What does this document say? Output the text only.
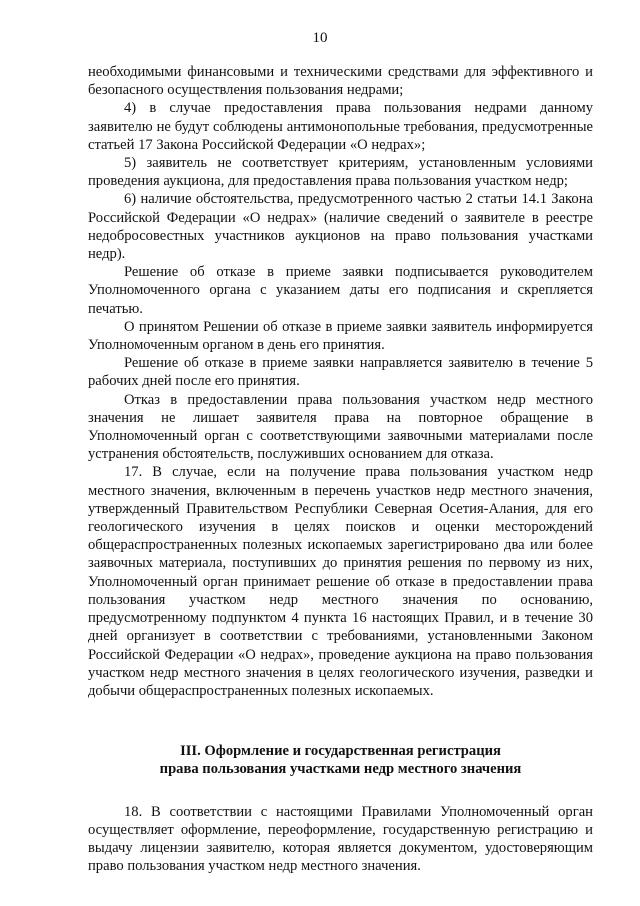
10

необходимыми финансовыми и техническими средствами для эффективного и безопасного осуществления пользования недрами;

4) в случае предоставления права пользования недрами данному заявителю не будут соблюдены антимонопольные требования, предусмотренные статьей 17 Закона Российской Федерации «О недрах»;

5) заявитель не соответствует критериям, установленным условиями проведения аукциона, для предоставления права пользования участком недр;

6) наличие обстоятельства, предусмотренного частью 2 статьи 14.1 Закона Российской Федерации «О недрах» (наличие сведений о заявителе в реестре недобросовестных участников аукционов на право пользования участками недр).

Решение об отказе в приеме заявки подписывается руководителем Уполномоченного органа с указанием даты его подписания и скрепляется печатью.

О принятом Решении об отказе в приеме заявки заявитель информируется Уполномоченным органом в день его принятия.

Решение об отказе в приеме заявки направляется заявителю в течение 5 рабочих дней после его принятия.

Отказ в предоставлении права пользования участком недр местного значения не лишает заявителя права на повторное обращение в Уполномоченный орган с соответствующими заявочными материалами после устранения обстоятельств, послуживших основанием для отказа.

17. В случае, если на получение права пользования участком недр местного значения, включенным в перечень участков недр местного значения, утвержденный Правительством Республики Северная Осетия-Алания, для его геологического изучения в целях поисков и оценки месторождений общераспространенных полезных ископаемых зарегистрировано два или более заявочных материала, поступивших до принятия решения по первому из них, Уполномоченный орган принимает решение об отказе в предоставлении права пользования участком недр местного значения по основанию, предусмотренному подпунктом 4 пункта 16 настоящих Правил, и в течение 30 дней организует в соответствии с требованиями, установленными Законом Российской Федерации «О недрах», проведение аукциона на право пользования участком недр местного значения в целях геологического изучения, разведки и добычи общераспространенных полезных ископаемых.

III. Оформление и государственная регистрация
права пользования участками недр местного значения

18. В соответствии с настоящими Правилами Уполномоченный орган осуществляет оформление, переоформление, государственную регистрацию и выдачу лицензии заявителю, которая является документом, удостоверяющим право пользования участком недр местного значения.
